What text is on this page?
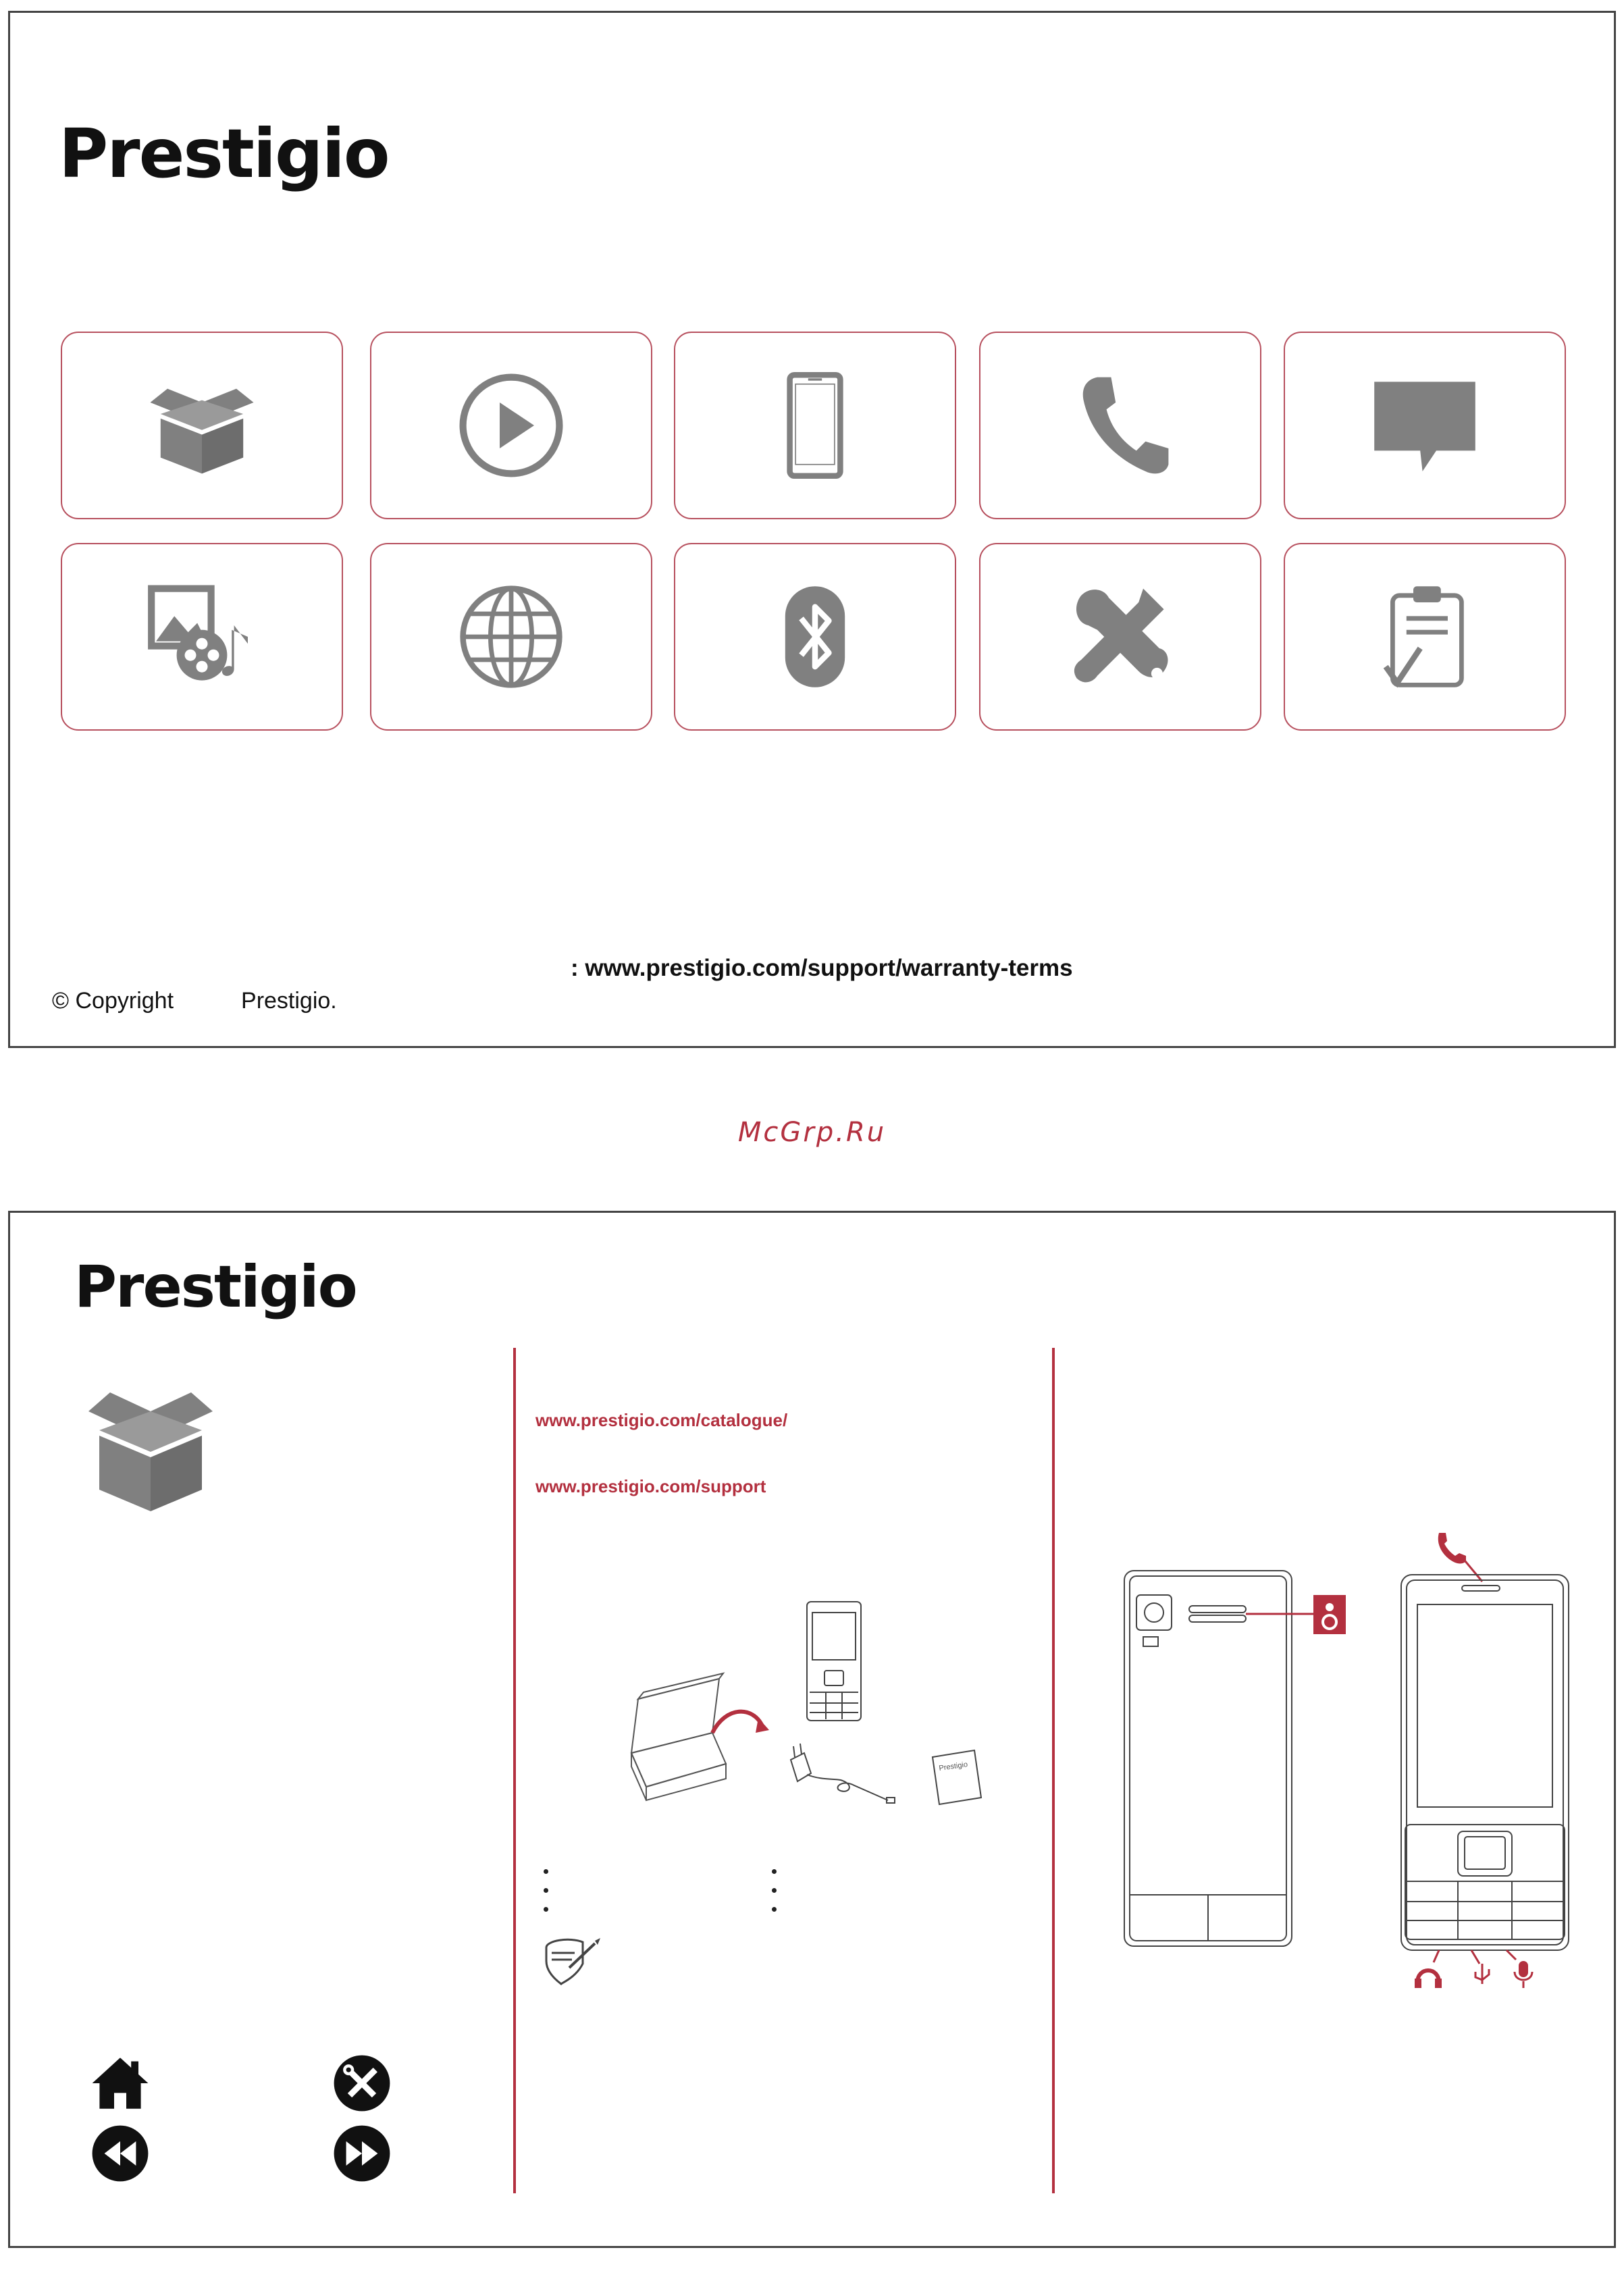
Prestigio
: www.prestigio.com/support/warranty-terms
© Copyright	Prestigio.
McGrp.Ru
Prestigio
www.prestigio.com/catalogue/
www.prestigio.com/support
Prestigio
